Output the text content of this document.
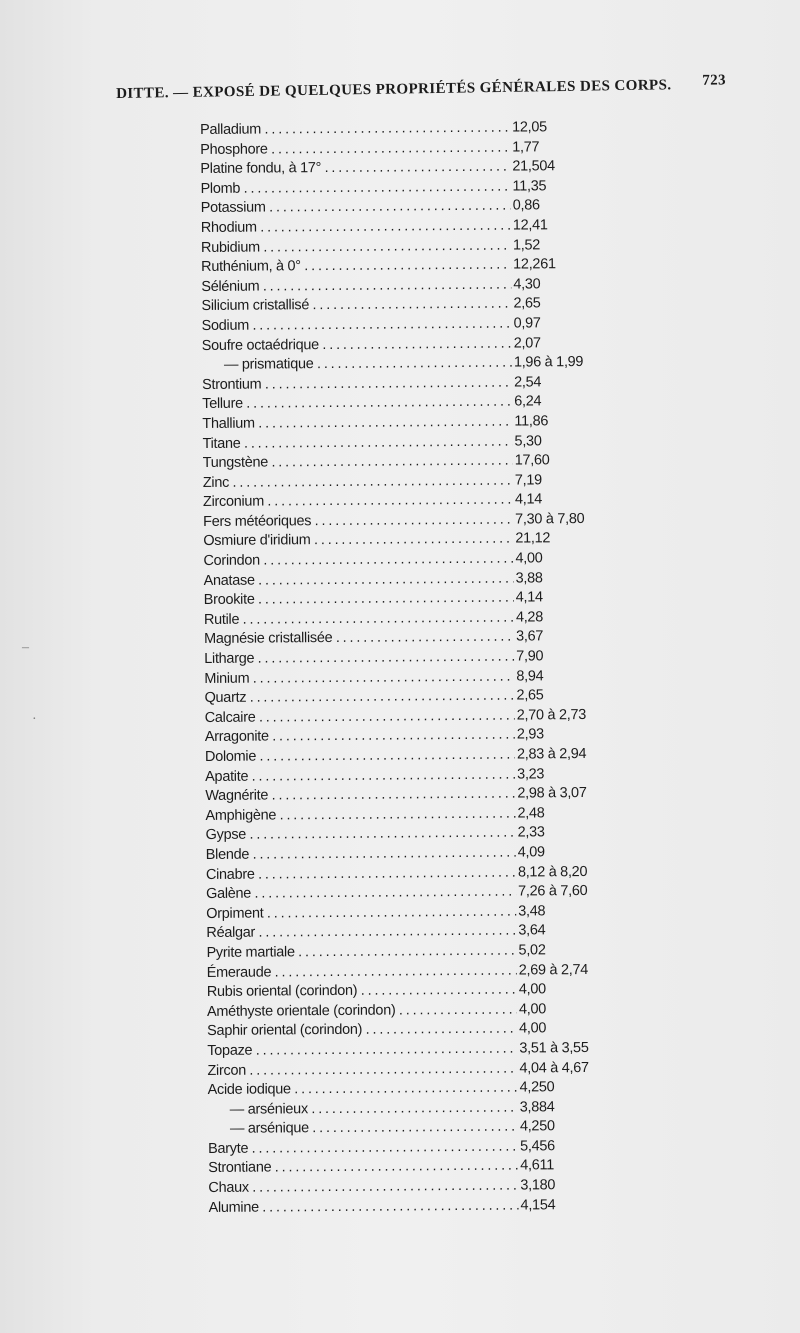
DITTE. — EXPOSÉ DE QUELQUES PROPRIÉTÉS GÉNÉRALES DES CORPS. 723
Palladium . . .	12,05
Phosphore . . .	1,77
Platine fondu, à 17° . . .	21,504
Plomb . . .	11,35
Potassium . . .	0,86
Rhodium . . .	12,41
Rubidium . . .	1,52
Ruthénium, à 0° . . .	12,261
Sélénium . . .	4,30
Silicium cristallisé . . .	2,65
Sodium . . .	0,97
Soufre octaédrique . . .	2,07
— prismatique . . .	1,96 à 1,99
Strontium . . .	2,54
Tellure . . .	6,24
Thallium . . .	11,86
Titane . . .	5,30
Tungstène . . .	17,60
Zinc . . .	7,19
Zirconium . . .	4,14
Fers météoriques . . .	7,30 à 7,80
Osmiure d'iridium . . .	21,12
Corindon . . .	4,00
Anatase . . .	3,88
Brookite . . .	4,14
Rutile . . .	4,28
Magnésie cristallisée . . .	3,67
Litharge . . .	7,90
Minium . . .	8,94
Quartz . . .	2,65
Calcaire . . .	2,70 à 2,73
Arragonite . . .	2,93
Dolomie . . .	2,83 à 2,94
Apatite . . .	3,23
Wagnérite . . .	2,98 à 3,07
Amphigène . . .	2,48
Gypse . . .	2,33
Blende . . .	4,09
Cinabre . . .	8,12 à 8,20
Galène . . .	7,26 à 7,60
Orpiment . . .	3,48
Réalgar . . .	3,64
Pyrite martiale . . .	5,02
Émeraude . . .	2,69 à 2,74
Rubis oriental (corindon) . . .	4,00
Améthyste orientale (corindon) . . .	4,00
Saphir oriental (corindon) . . .	4,00
Topaze . . .	3,51 à 3,55
Zircon . . .	4,04 à 4,67
Acide iodique . . .	4,250
— arsénieux . . .	3,884
— arsénique . . .	4,250
Baryte . . .	5,456
Strontiane . . .	4,611
Chaux . . .	3,180
Alumine . . .	4,154
–
·
